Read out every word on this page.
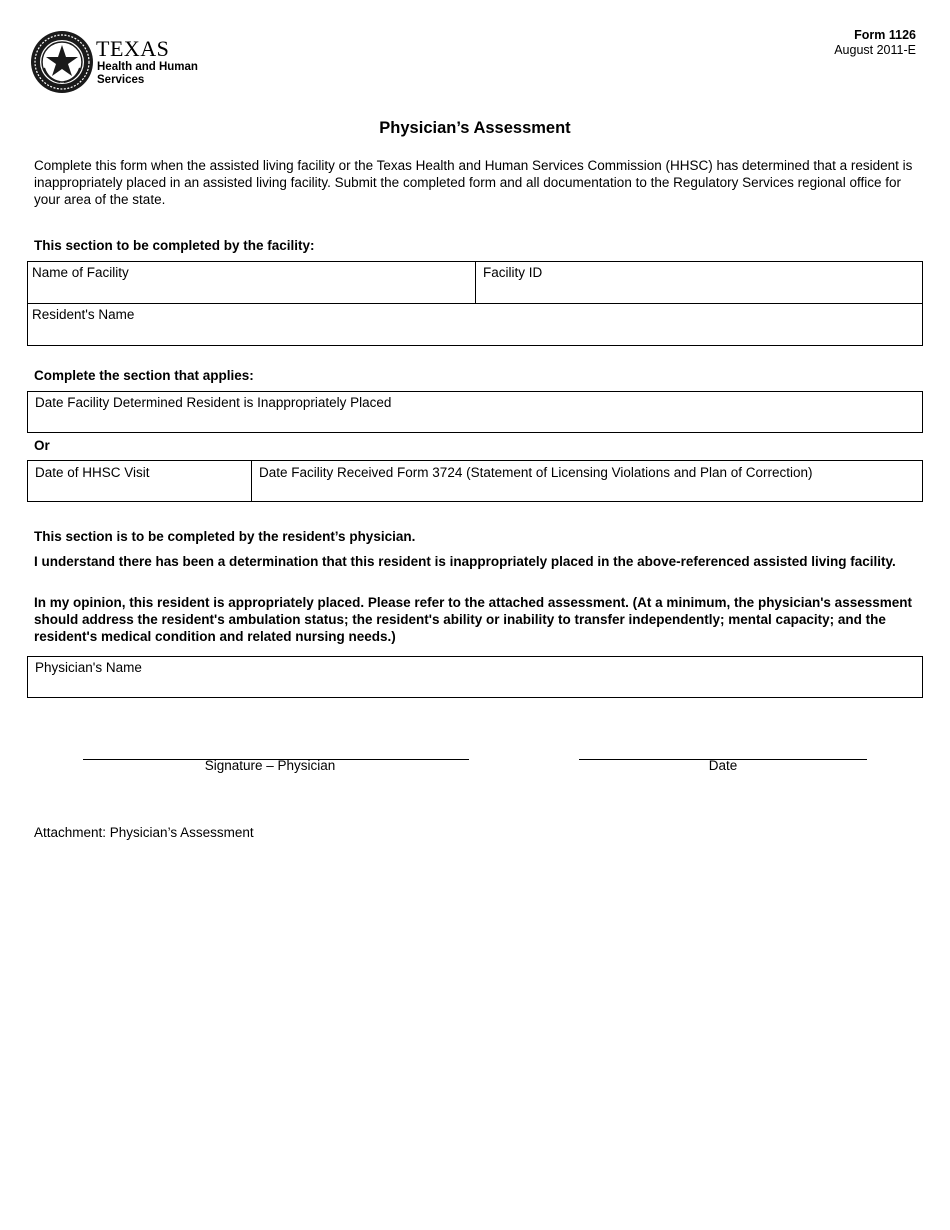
TEXAS
Health and Human
Services
Form 1126
August 2011-E
Physician’s Assessment
Complete this form when the assisted living facility or the Texas Health and Human Services Commission (HHSC) has determined that a resident is inappropriately placed in an assisted living facility. Submit the completed form and all documentation to the Regulatory Services regional office for your area of the state.
This section to be completed by the facility:
Name of Facility	Facility ID
Resident's Name
Complete the section that applies:
Date Facility Determined Resident is Inappropriately Placed
Or
Date of HHSC Visit	Date Facility Received Form 3724 (Statement of Licensing Violations and Plan of Correction)
This section is to be completed by the resident’s physician.
I understand there has been a determination that this resident is inappropriately placed in the above-referenced assisted living facility.
In my opinion, this resident is appropriately placed. Please refer to the attached assessment. (At a minimum, the physician's assessment should address the resident's ambulation status; the resident's ability or inability to transfer independently; mental capacity; and the resident's medical condition and related nursing needs.)
Physician's Name
Signature – Physician	Date
Attachment: Physician’s Assessment
